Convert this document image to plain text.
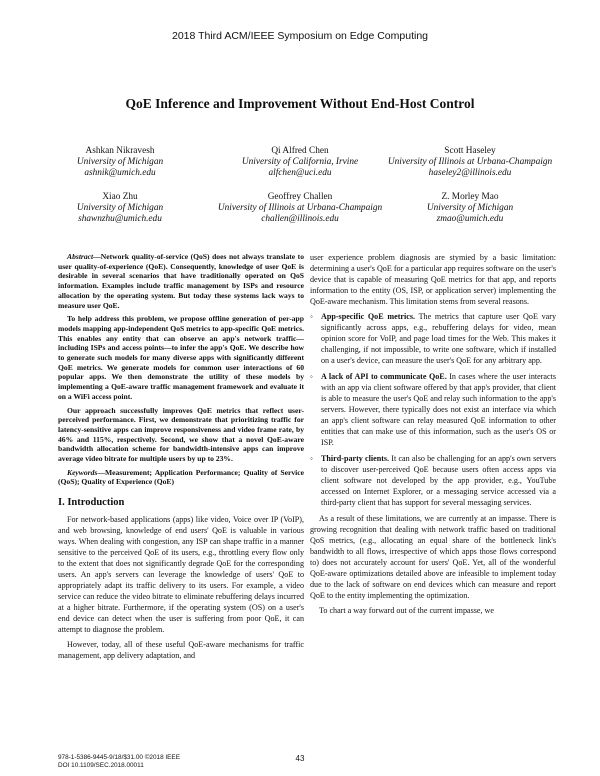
2018 Third ACM/IEEE Symposium on Edge Computing
QoE Inference and Improvement Without End-Host Control
Ashkan Nikravesh
University of Michigan
ashnik@umich.edu
Qi Alfred Chen
University of California, Irvine
alfchen@uci.edu
Scott Haseley
University of Illinois at Urbana-Champaign
haseley2@illinois.edu
Xiao Zhu
University of Michigan
shawnzhu@umich.edu
Geoffrey Challen
University of Illinois at Urbana-Champaign
challen@illinois.edu
Z. Morley Mao
University of Michigan
zmao@umich.edu

Abstract—Network quality-of-service (QoS) does not always translate to user quality-of-experience (QoE). Consequently, knowledge of user QoE is desirable in several scenarios that have traditionally operated on QoS information. Examples include traffic management by ISPs and resource allocation by the operating system. But today these systems lack ways to measure user QoE.

To help address this problem, we propose offline generation of per-app models mapping app-independent QoS metrics to app-specific QoE metrics. This enables any entity that can observe an app's network traffic—including ISPs and access points—to infer the app's QoE. We describe how to generate such models for many diverse apps with significantly different QoE metrics. We generate models for common user interactions of 60 popular apps. We then demonstrate the utility of these models by implementing a QoE-aware traffic management framework and evaluate it on a WiFi access point.

Our approach successfully improves QoE metrics that reflect user-perceived performance. First, we demonstrate that prioritizing traffic for latency-sensitive apps can improve responsiveness and video frame rate, by 46% and 115%, respectively. Second, we show that a novel QoE-aware bandwidth allocation scheme for bandwidth-intensive apps can improve average video bitrate for multiple users by up to 23%.

Keywords—Measurement; Application Performance; Quality of Service (QoS); Quality of Experience (QoE)

I. Introduction

For network-based applications (apps) like video, Voice over IP (VoIP), and web browsing, knowledge of end users' QoE is valuable in various ways. When dealing with congestion, any ISP can shape traffic in a manner sensitive to the perceived QoE of its users, e.g., throttling every flow only to the extent that does not significantly degrade QoE for the corresponding users. An app's servers can leverage the knowledge of users' QoE to appropriately adapt its traffic delivery to its users. For example, a video service can reduce the video bitrate to eliminate rebuffering delays incurred at a higher bitrate. Furthermore, if the operating system (OS) on a user's end device can detect when the user is suffering from poor QoE, it can attempt to diagnose the problem.

However, today, all of these useful QoE-aware mechanisms for traffic management, app delivery adaptation, and

user experience problem diagnosis are stymied by a basic limitation: determining a user's QoE for a particular app requires software on the user's device that is capable of measuring QoE metrics for that app, and reports information to the entity (OS, ISP, or application server) implementing the QoE-aware mechanism. This limitation stems from several reasons.

◦ App-specific QoE metrics. The metrics that capture user QoE vary significantly across apps, e.g., rebuffering delays for video, mean opinion score for VoIP, and page load times for the Web. This makes it challenging, if not impossible, to write one software, which if installed on a user's device, can measure the user's QoE for any arbitrary app.
◦ A lack of API to communicate QoE. In cases where the user interacts with an app via client software offered by that app's provider, that client is able to measure the user's QoE and relay such information to the app's servers. However, there typically does not exist an interface via which an app's client software can relay measured QoE information to other entities that can make use of this information, such as the user's OS or ISP.
◦ Third-party clients. It can also be challenging for an app's own servers to discover user-perceived QoE because users often access apps via client software not developed by the app provider, e.g., YouTube accessed on Internet Explorer, or a messaging service accessed via a third-party client that has support for several messaging services.

As a result of these limitations, we are currently at an impasse. There is growing recognition that dealing with network traffic based on traditional QoS metrics, (e.g., allocating an equal share of the bottleneck link's bandwidth to all flows, irrespective of which apps those flows correspond to) does not accurately account for users' QoE. Yet, all of the wonderful QoE-aware optimizations detailed above are infeasible to implement today due to the lack of software on end devices which can measure and report QoE to the entity implementing the optimization.

To chart a way forward out of the current impasse, we

978-1-5386-9445-9/18/$31.00 ©2018 IEEE
DOI 10.1109/SEC.2018.00011
43
